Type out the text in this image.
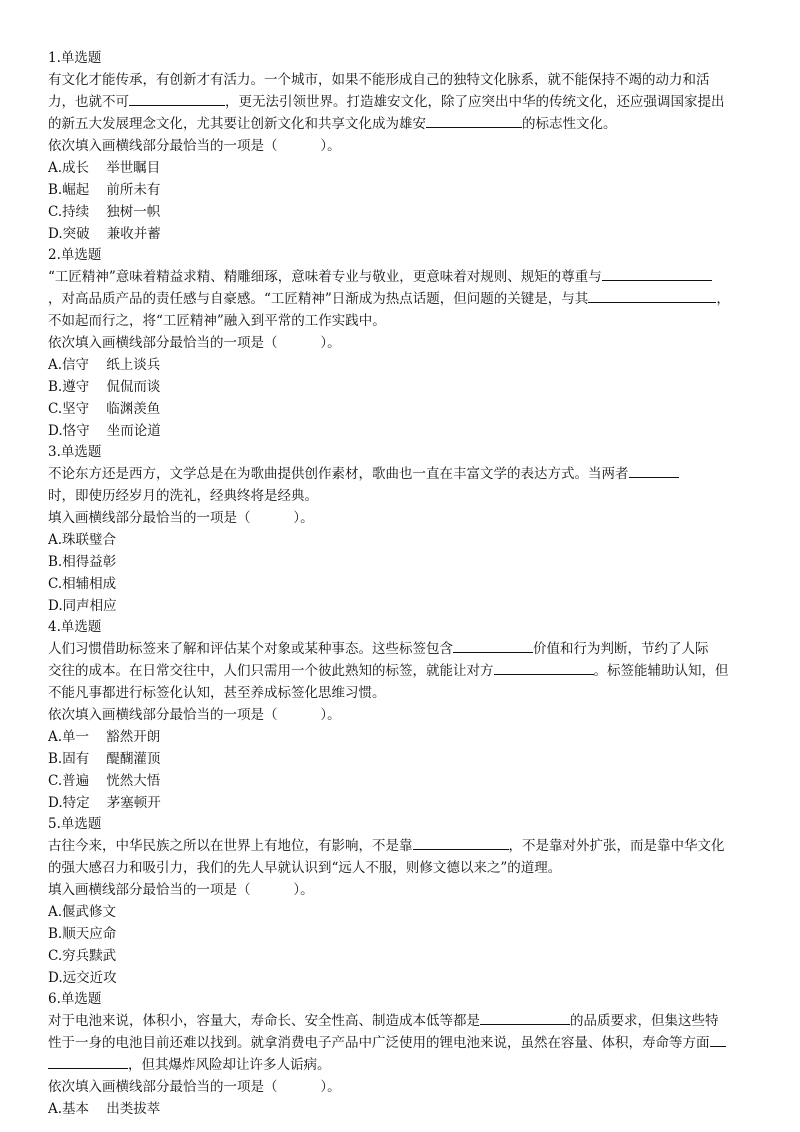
1.单选题
有文化才能传承，有创新才有活力。一个城市，如果不能形成自己的独特文化脉系，就不能保持不竭的动力和活
力，也就不可	，更无法引领世界。打造雄安文化，除了应突出中华的传统文化，还应强调国家提出
的新五大发展理念文化，尤其要让创新文化和共享文化成为雄安	的标志性文化。
依次填入画横线部分最恰当的一项是（          ）。
A.成长    举世瞩目
B.崛起    前所未有
C.持续    独树一帜
D.突破    兼收并蓄
2.单选题
“工匠精神”意味着精益求精、精雕细琢，意味着专业与敬业，更意味着对规则、规矩的尊重与
，对高品质产品的责任感与自豪感。“工匠精神”日渐成为热点话题，但问题的关键是，与其	，
不如起而行之，将“工匠精神”融入到平常的工作实践中。
依次填入画横线部分最恰当的一项是（          ）。
A.信守    纸上谈兵
B.遵守    侃侃而谈
C.坚守    临渊羡鱼
D.恪守    坐而论道
3.单选题
不论东方还是西方，文学总是在为歌曲提供创作素材，歌曲也一直在丰富文学的表达方式。当两者
时，即使历经岁月的洗礼，经典终将是经典。
填入画横线部分最恰当的一项是（          ）。
A.珠联璧合
B.相得益彰
C.相辅相成
D.同声相应
4.单选题
人们习惯借助标签来了解和评估某个对象或某种事态。这些标签包含	价值和行为判断，节约了人际
交往的成本。在日常交往中，人们只需用一个彼此熟知的标签，就能让对方	。标签能辅助认知，但
不能凡事都进行标签化认知，甚至养成标签化思维习惯。
依次填入画横线部分最恰当的一项是（          ）。
A.单一    豁然开朗
B.固有    醍醐灌顶
C.普遍    恍然大悟
D.特定    茅塞顿开
5.单选题
古往今来，中华民族之所以在世界上有地位，有影响，不是靠	，不是靠对外扩张，而是靠中华文化
的强大感召力和吸引力，我们的先人早就认识到“远人不服，则修文德以来之”的道理。
填入画横线部分最恰当的一项是（          ）。
A.偃武修文
B.顺天应命
C.穷兵黩武
D.远交近攻
6.单选题
对于电池来说，体积小，容量大，寿命长、安全性高、制造成本低等都是	的品质要求，但集这些特
性于一身的电池目前还难以找到。就拿消费电子产品中广泛使用的锂电池来说，虽然在容量、体积，寿命等方面
，但其爆炸风险却让许多人诟病。
依次填入画横线部分最恰当的一项是（          ）。
A.基本    出类拔萃
